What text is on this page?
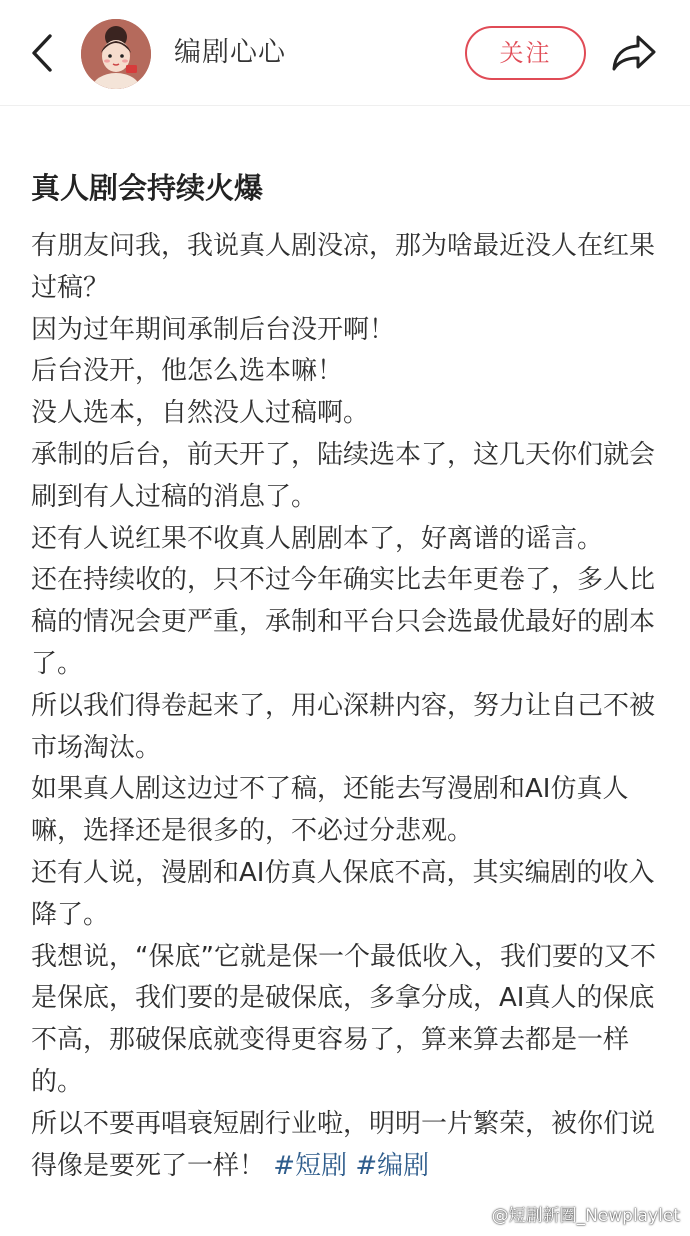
编剧心心	关注
真人剧会持续火爆

有朋友问我，我说真人剧没凉，那为啥最近没人在红果过稿？

因为过年期间承制后台没开啊！

后台没开，他怎么选本嘛！

没人选本，自然没人过稿啊。

承制的后台，前天开了，陆续选本了，这几天你们就会刷到有人过稿的消息了。

还有人说红果不收真人剧剧本了，好离谱的谣言。

还在持续收的，只不过今年确实比去年更卷了，多人比稿的情况会更严重，承制和平台只会选最优最好的剧本了。

所以我们得卷起来了，用心深耕内容，努力让自己不被市场淘汰。

如果真人剧这边过不了稿，还能去写漫剧和AI仿真人嘛，选择还是很多的，不必过分悲观。

还有人说，漫剧和AI仿真人保底不高，其实编剧的收入降了。

我想说，“保底”它就是保一个最低收入，我们要的又不是保底，我们要的是破保底，多拿分成，AI真人的保底不高，那破保底就变得更容易了，算来算去都是一样的。

所以不要再唱衰短剧行业啦，明明一片繁荣，被你们说得像是要死了一样！ #短剧 #编剧

@短剧新圈_Newplaylet
